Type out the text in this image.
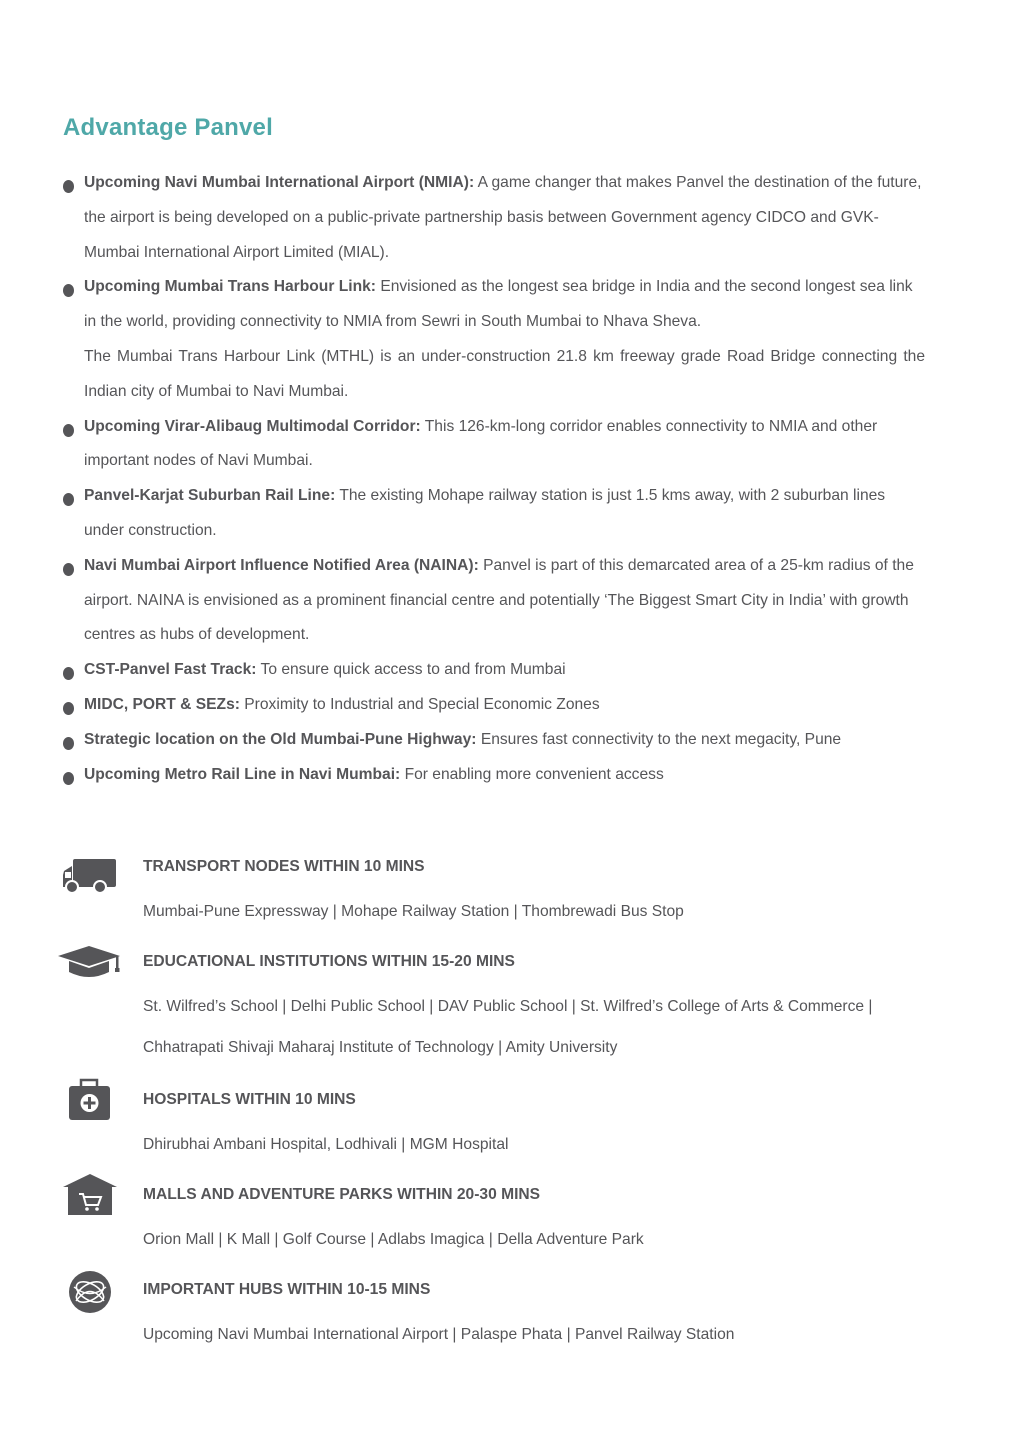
Advantage Panvel
Upcoming Navi Mumbai International Airport (NMIA): A game changer that makes Panvel the destination of the future, the airport is being developed on a public-private partnership basis between Government agency CIDCO and GVK-Mumbai International Airport Limited (MIAL).
Upcoming Mumbai Trans Harbour Link: Envisioned as the longest sea bridge in India and the second longest sea link in the world, providing connectivity to NMIA from Sewri in South Mumbai to Nhava Sheva.
The Mumbai Trans Harbour Link (MTHL) is an under-construction 21.8 km freeway grade Road Bridge connecting the Indian city of Mumbai to Navi Mumbai.
Upcoming Virar-Alibaug Multimodal Corridor: This 126-km-long corridor enables connectivity to NMIA and other important nodes of Navi Mumbai.
Panvel-Karjat Suburban Rail Line: The existing Mohape railway station is just 1.5 kms away, with 2 suburban lines under construction.
Navi Mumbai Airport Influence Notified Area (NAINA): Panvel is part of this demarcated area of a 25-km radius of the airport. NAINA is envisioned as a prominent financial centre and potentially ‘The Biggest Smart City in India’ with growth centres as hubs of development.
CST-Panvel Fast Track: To ensure quick access to and from Mumbai
MIDC, PORT & SEZs: Proximity to Industrial and Special Economic Zones
Strategic location on the Old Mumbai-Pune Highway: Ensures fast connectivity to the next megacity, Pune
Upcoming Metro Rail Line in Navi Mumbai: For enabling more convenient access
TRANSPORT NODES WITHIN 10 MINS
Mumbai-Pune Expressway | Mohape Railway Station | Thombrewadi Bus Stop
EDUCATIONAL INSTITUTIONS WITHIN 15-20 MINS
St. Wilfred’s School | Delhi Public School | DAV Public School | St. Wilfred’s College of Arts & Commerce | Chhatrapati Shivaji Maharaj Institute of Technology | Amity University
HOSPITALS WITHIN 10 MINS
Dhirubhai Ambani Hospital, Lodhivali | MGM Hospital
MALLS AND ADVENTURE PARKS WITHIN 20-30 MINS
Orion Mall | K Mall | Golf Course | Adlabs Imagica | Della Adventure Park
IMPORTANT HUBS WITHIN 10-15 MINS
Upcoming Navi Mumbai International Airport | Palaspe Phata | Panvel Railway Station
